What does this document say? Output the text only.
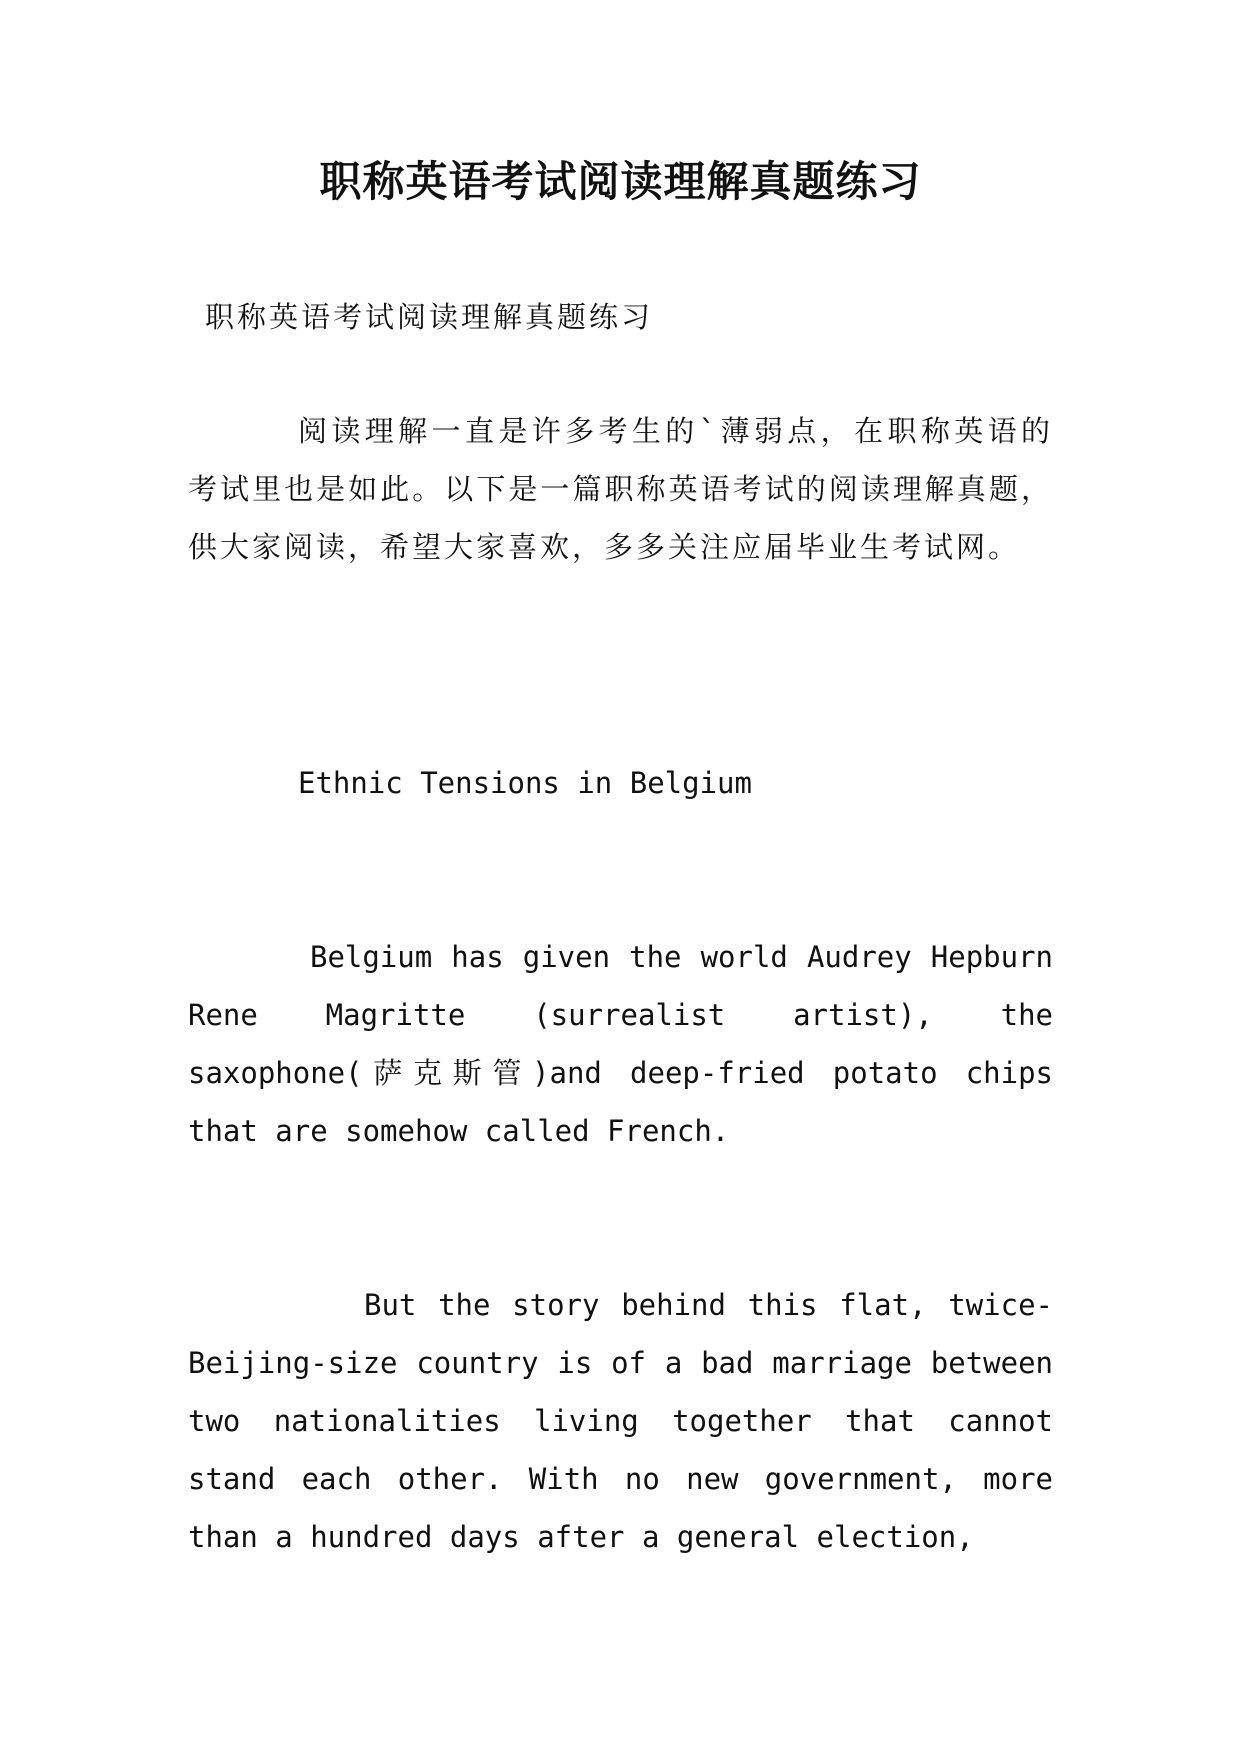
职称英语考试阅读理解真题练习

职称英语考试阅读理解真题练习

阅读理解一直是许多考生的`薄弱点，在职称英语的考试里也是如此。以下是一篇职称英语考试的阅读理解真题，供大家阅读，希望大家喜欢，多多关注应届毕业生考试网。

Ethnic Tensions in Belgium

Belgium has given the world Audrey Hepburn Rene Magritte (surrealist artist), the saxophone(萨克斯管)and deep-fried potato chips that are somehow called French.

But the story behind this flat, twice-Beijing-size country is of a bad marriage between two nationalities living together that cannot stand each other. With no new government, more than a hundred days after a general election,
